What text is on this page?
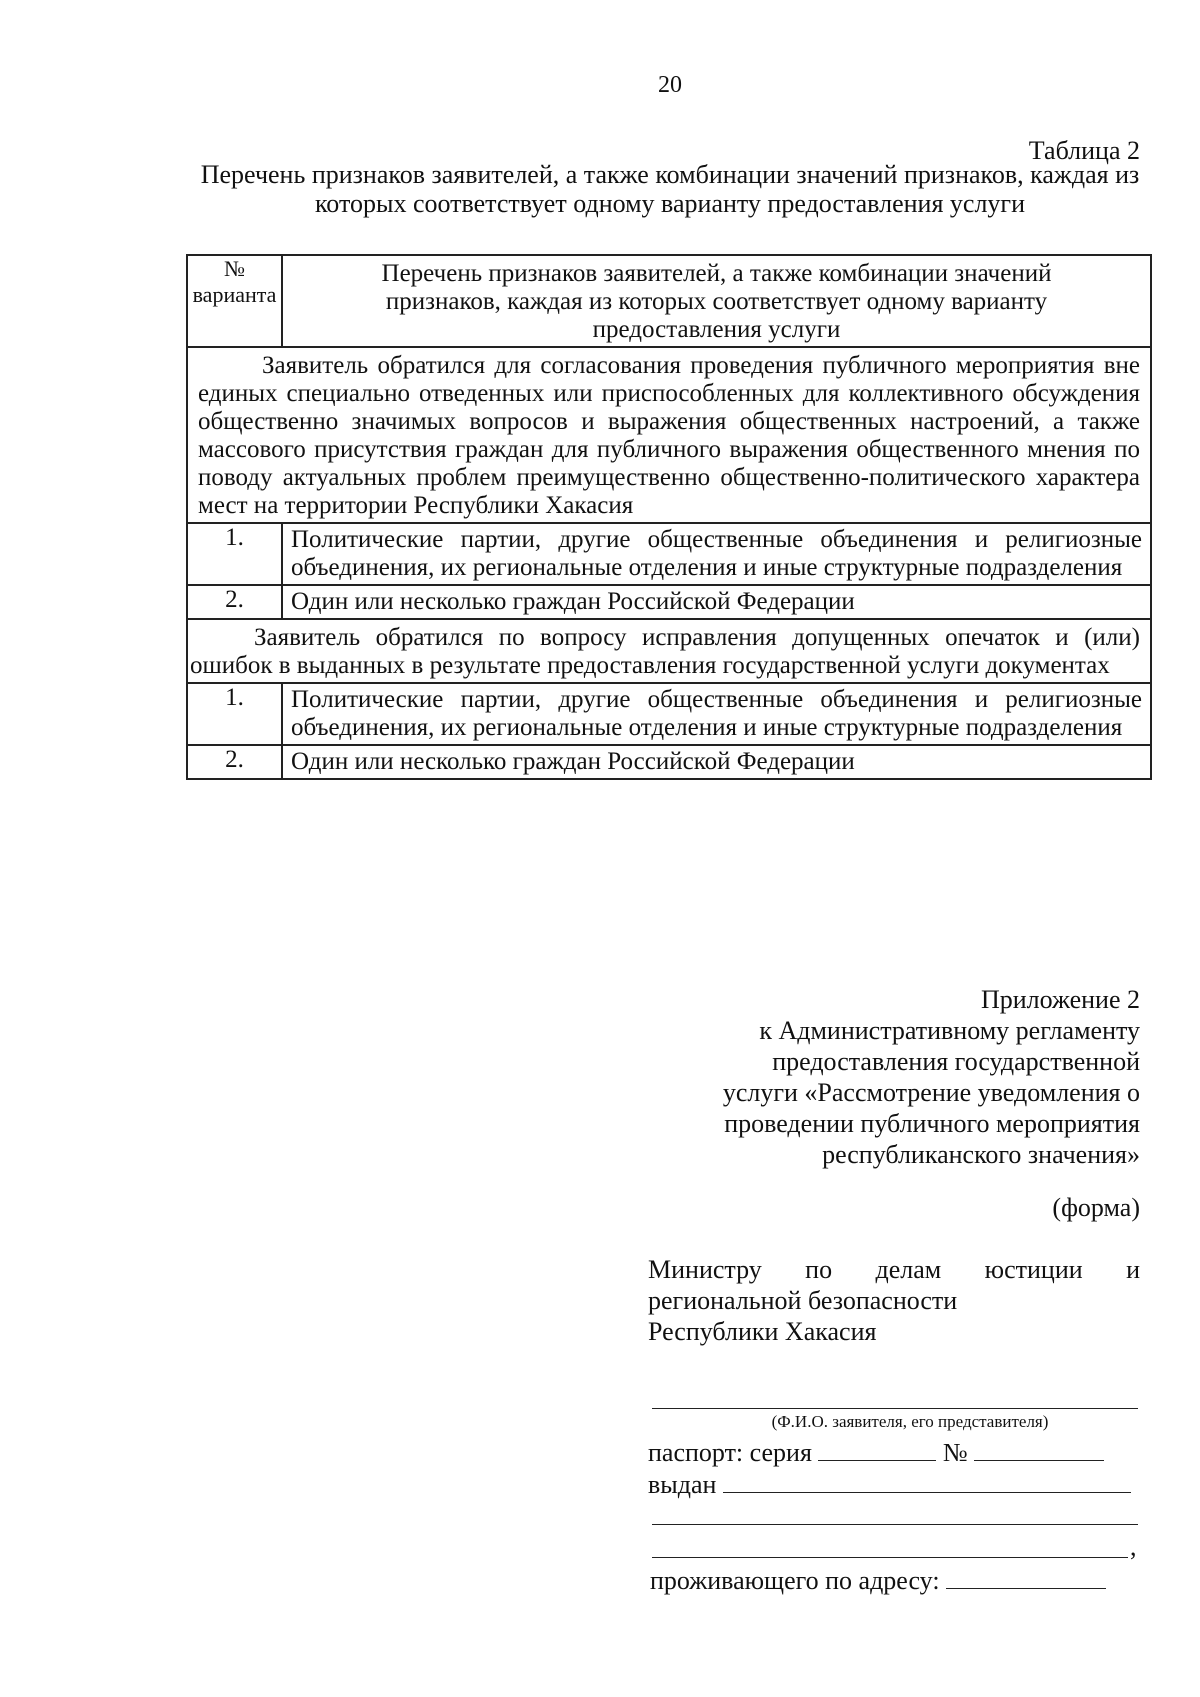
20
Таблица 2
Перечень признаков заявителей, а также комбинации значений признаков, каждая из которых соответствует одному варианту предоставления услуги
№ варианта	Перечень признаков заявителей, а также комбинации значений признаков, каждая из которых соответствует одному варианту предоставления услуги
Заявитель обратился для согласования проведения публичного мероприятия вне единых специально отведенных или приспособленных для коллективного обсуждения общественно значимых вопросов и выражения общественных настроений, а также массового присутствия граждан для публичного выражения общественного мнения по поводу актуальных проблем преимущественно общественно-политического характера мест на территории Республики Хакасия	
1.	Политические партии, другие общественные объединения и религиозные объединения, их региональные отделения и иные структурные подразделения
2.	Один или несколько граждан Российской Федерации
Заявитель обратился по вопросу исправления допущенных опечаток и (или) ошибок в выданных в результате предоставления государственной услуги документах	
1.	Политические партии, другие общественные объединения и религиозные объединения, их региональные отделения и иные структурные подразделения
2.	Один или несколько граждан Российской Федерации
Приложение 2
к Административному регламенту
предоставления государственной
услуги «Рассмотрение уведомления о
проведении публичного мероприятия
республиканского значения»
(форма)
Министру по делам юстиции и
региональной безопасности
Республики Хакасия
(Ф.И.О. заявителя, его представителя)
паспорт: серия	№
выдан
,
проживающего по адресу:
